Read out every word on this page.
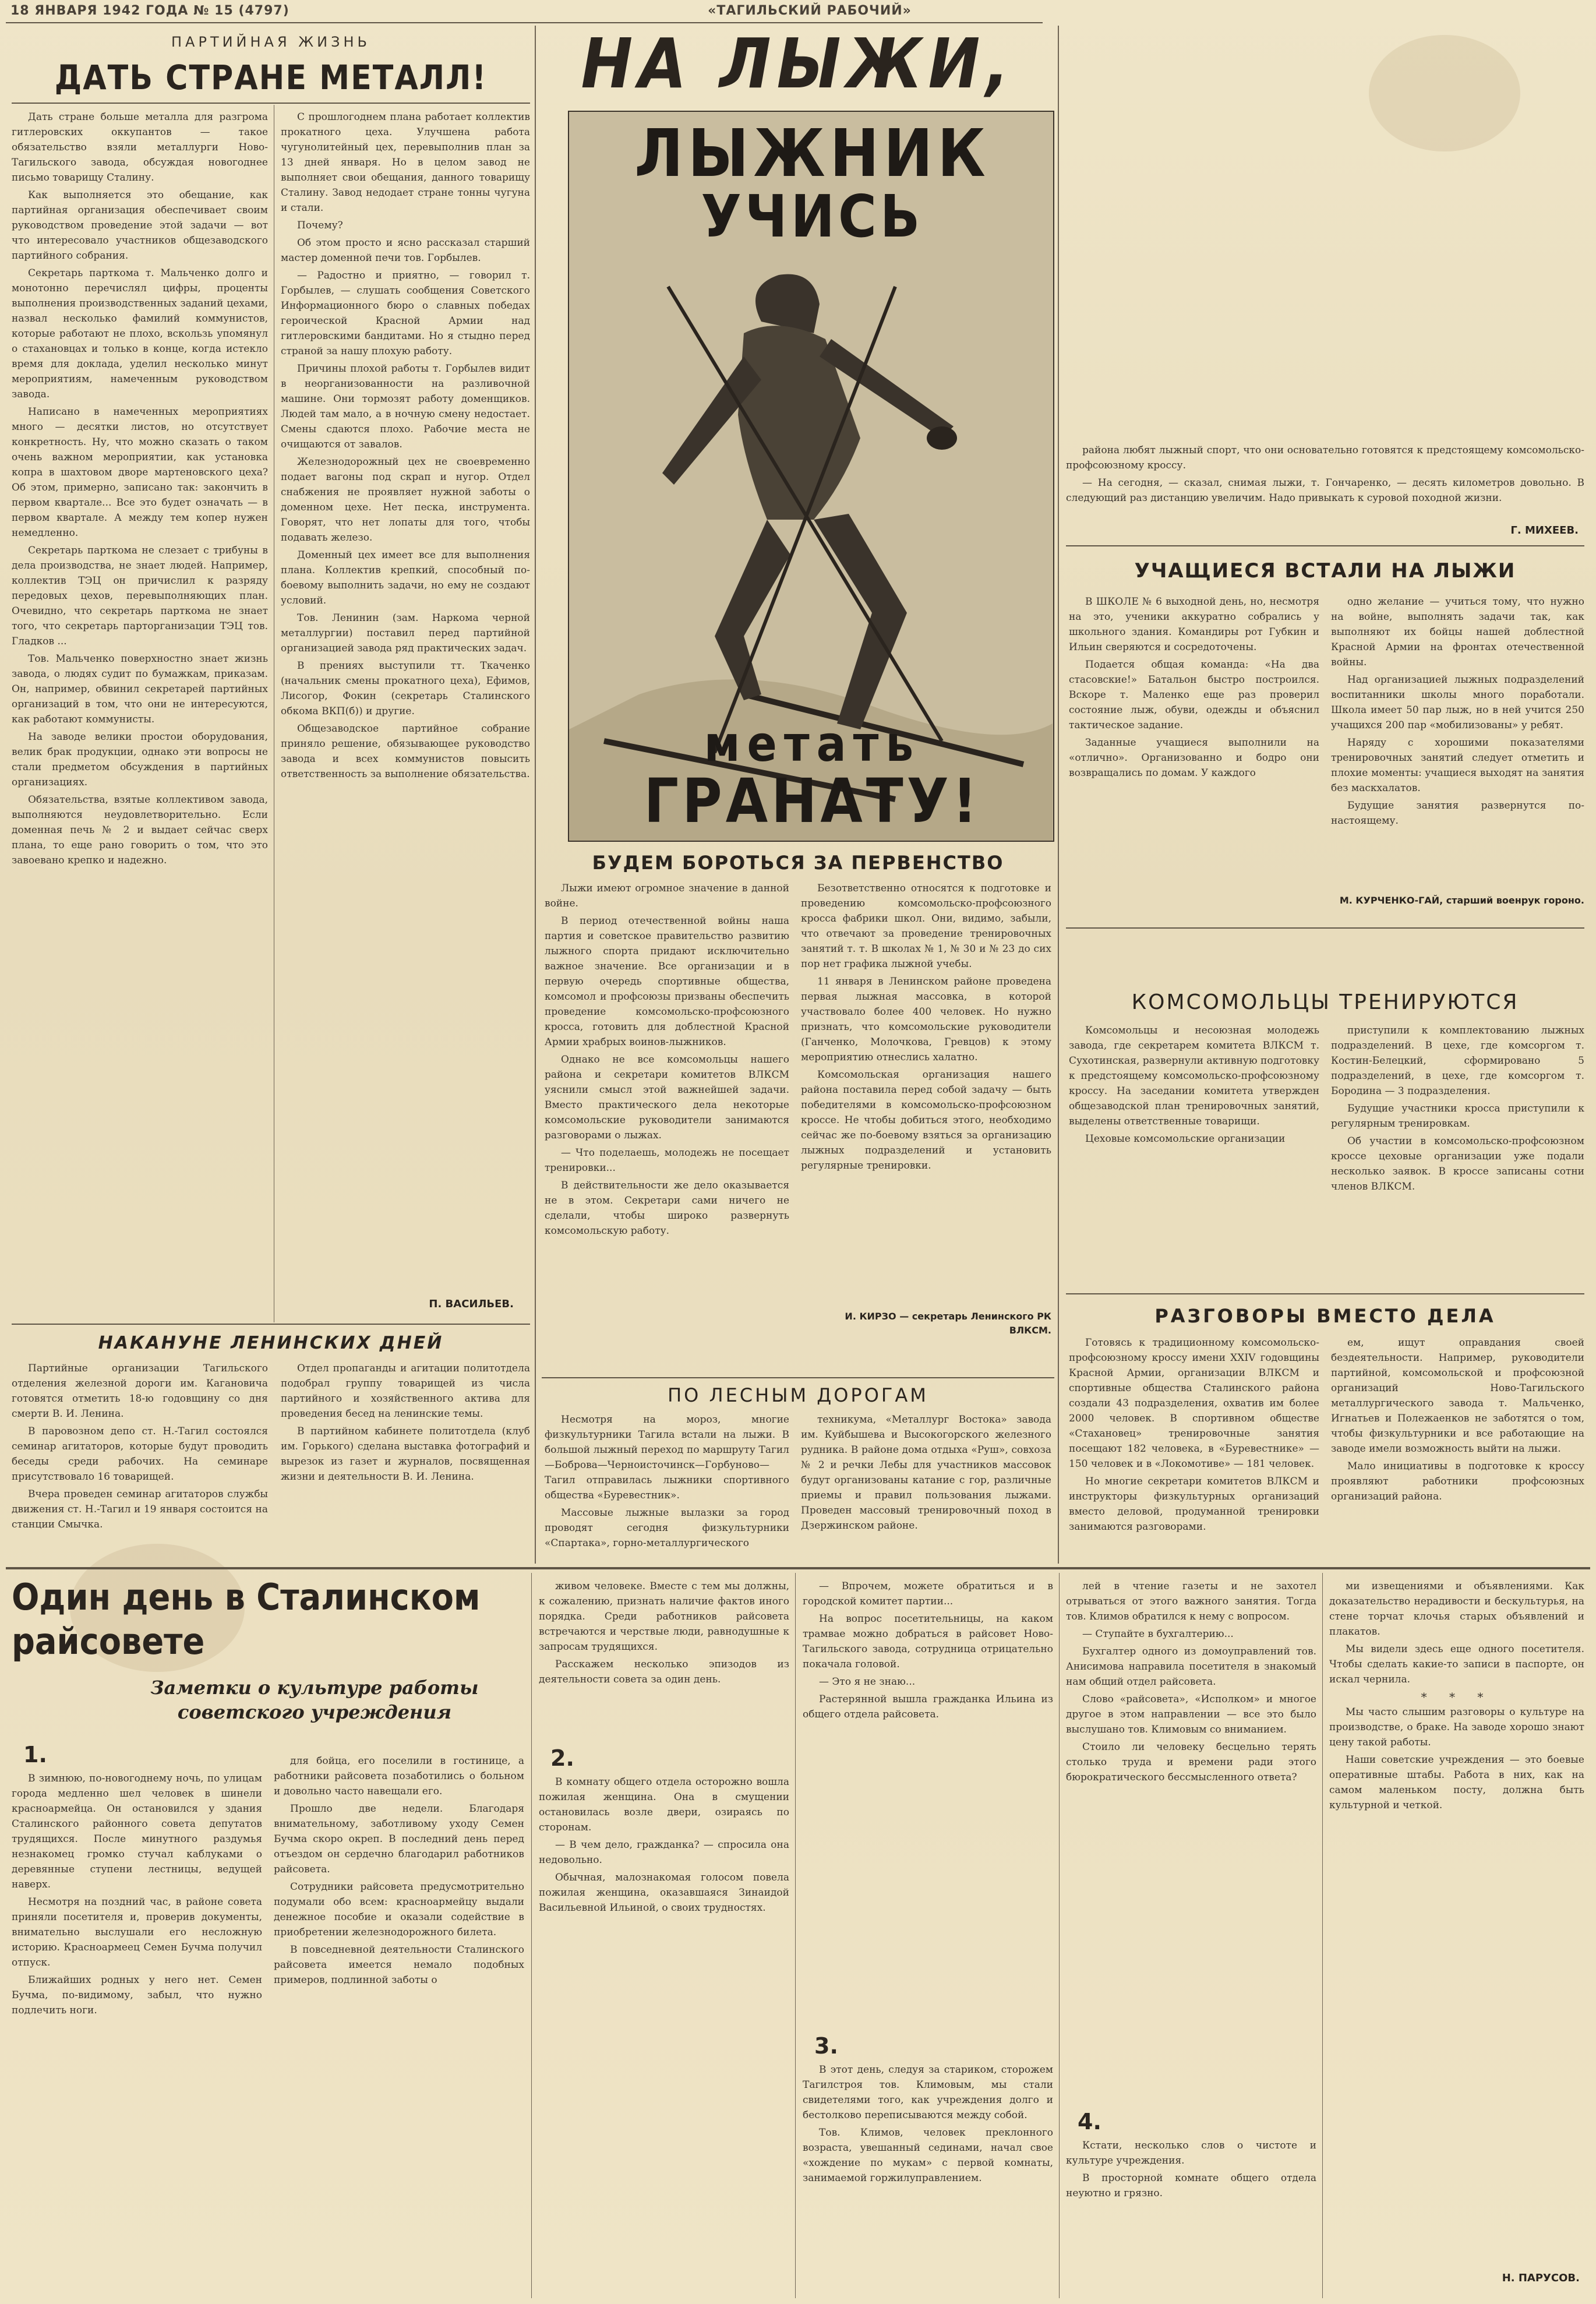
18 ЯНВАРЯ 1942 ГОДА № 15 (4797)	«ТАГИЛЬСКИЙ РАБОЧИЙ»
ПАРТИЙНАЯ ЖИЗНЬ
ДАТЬ СТРАНЕ МЕТАЛЛ!

Дать стране больше металла для разгрома гитлеровских оккупантов — такое обязательство взяли металлурги Ново-Тагильского завода, обсуждая новогоднее письмо товарищу Сталину.

Как выполняется это обещание, как партийная организация обеспечивает своим руководством проведение этой задачи — вот что интересовало участников общезаводского партийного собрания.

Секретарь парткома т. Мальченко долго и монотонно перечислял цифры, проценты выполнения производственных заданий цехами, назвал несколько фамилий коммунистов, которые работают не плохо, вскользь упомянул о стахановцах и только в конце, когда истекло время для доклада, уделил несколько минут мероприятиям, намеченным руководством завода.

Написано в намеченных мероприятиях много — десятки листов, но отсутствует конкретность. Ну, что можно сказать о таком очень важном мероприятии, как установка копра в шахтовом дворе мартеновского цеха? Об этом, примерно, записано так: закончить в первом квартале... Все это будет означать — в первом квартале. А между тем копер нужен немедленно.

Секретарь парткома не слезает с трибуны в дела производства, не знает людей. Например, коллектив ТЭЦ он причислил к разряду передовых цехов, перевыполняющих план. Очевидно, что секретарь парткома не знает того, что секретарь парторганизации ТЭЦ тов. Гладков ...

Тов. Мальченко поверхностно знает жизнь завода, о людях судит по бумажкам, приказам. Он, например, обвинил секретарей партийных организаций в том, что они не интересуются, как работают коммунисты.

На заводе велики простои оборудования, велик брак продукции, однако эти вопросы не стали предметом обсуждения в партийных организациях.

Обязательства, взятые коллективом завода, выполняются неудовлетворительно. Если доменная печь № 2 и выдает сейчас сверх плана, то еще рано говорить о том, что это завоевано крепко и надежно.

С прошлогоднем плана работает коллектив прокатного цеха. Улучшена работа чугунолитейный цех, перевыполнив план за 13 дней января. Но в целом завод не выполняет свои обещания, данного товарищу Сталину. Завод недодает стране тонны чугуна и стали.

Почему?

Об этом просто и ясно рассказал старший мастер доменной печи тов. Горбылев.

— Радостно и приятно, — говорил т. Горбылев, — слушать сообщения Советского Информационного бюро о славных победах героической Красной Армии над гитлеровскими бандитами. Но я стыдно перед страной за нашу плохую работу.

Причины плохой работы т. Горбылев видит в неорганизованности на разливочной машине. Они тормозят работу доменщиков. Людей там мало, а в ночную смену недостает. Смены сдаются плохо. Рабочие места не очищаются от завалов.

Железнодорожный цех не своевременно подает вагоны под скрап и нугор. Отдел снабжения не проявляет нужной заботы о доменном цехе. Нет песка, инструмента. Говорят, что нет лопаты для того, чтобы подавать железо.

Доменный цех имеет все для выполнения плана. Коллектив крепкий, способный по-боевому выполнить задачи, но ему не создают условий.

Тов. Ленинин (зам. Наркома черной металлургии) поставил перед партийной организацией завода ряд практических задач.

В прениях выступили тт. Ткаченко (начальник смены прокатного цеха), Ефимов, Лисогор, Фокин (секретарь Сталинского обкома ВКП(б)) и другие.

Общезаводское партийное собрание приняло решение, обязывающее руководство завода и всех коммунистов повысить ответственность за выполнение обязательства.

П. ВАСИЛЬЕВ.
НАКАНУНЕ ЛЕНИНСКИХ ДНЕЙ

Партийные организации Тагильского отделения железной дороги им. Кагановича готовятся отметить 18-ю годовщину со дня смерти В. И. Ленина.

В паровозном депо ст. Н.-Тагил состоялся семинар агитаторов, которые будут проводить беседы среди рабочих. На семинаре присутствовало 16 товарищей.

Вчера проведен семинар агитаторов службы движения ст. Н.-Тагил и 19 января состоится на станции Смычка.

Отдел пропаганды и агитации политотдела подобрал группу товарищей из числа партийного и хозяйственного актива для проведения бесед на ленинские темы.

В партийном кабинете политотдела (клуб им. Горького) сделана выставка фотографий и вырезок из газет и журналов, посвященная жизни и деятельности В. И. Ленина.

НА ЛЫЖИ,
ЛЫЖНИК
УЧИСЬ
метать
ГРАНАТУ!
БУДЕМ БОРОТЬСЯ ЗА ПЕРВЕНСТВО

Лыжи имеют огромное значение в данной войне.

В период отечественной войны наша партия и советское правительство развитию лыжного спорта придают исключительно важное значение. Все организации и в первую очередь спортивные общества, комсомол и профсоюзы призваны обеспечить проведение комсомольско-профсоюзного кросса, готовить для доблестной Красной Армии храбрых воинов-лыжников.

Однако не все комсомольцы нашего района и секретари комитетов ВЛКСМ уяснили смысл этой важнейшей задачи. Вместо практического дела некоторые комсомольские руководители занимаются разговорами о лыжах.

— Что поделаешь, молодежь не посещает тренировки...

В действительности же дело оказывается не в этом. Секретари сами ничего не сделали, чтобы широко развернуть комсомольскую работу.

Безответственно относятся к подготовке и проведению комсомольско-профсоюзного кросса фабрики школ. Они, видимо, забыли, что отвечают за проведение тренировочных занятий т. т. В школах № 1, № 30 и № 23 до сих пор нет графика лыжной учебы.

11 января в Ленинском районе проведена первая лыжная массовка, в которой участвовало более 400 человек. Но нужно признать, что комсомольские руководители (Ганченко, Молочкова, Гревцов) к этому мероприятию отнеслись халатно.

Комсомольская организация нашего района поставила перед собой задачу — быть победителями в комсомольско-профсоюзном кроссе. Не чтобы добиться этого, необходимо сейчас же по-боевому взяться за организацию лыжных подразделений и установить регулярные тренировки.

И. КИРЗО — секретарь Ленинского РК ВЛКСМ.
ПО ЛЕСНЫМ ДОРОГАМ

Несмотря на мороз, многие физкультурники Тагила встали на лыжи. В большой лыжный переход по маршруту Тагил—Боброва—Черноисточинск—Горбуново—Тагил отправилась лыжники спортивного общества «Буревестник».

Массовые лыжные вылазки за город проводят сегодня физкультурники «Спартака», горно-металлургического

техникума, «Металлург Востока» завода им. Куйбышева и Высокогорского железного рудника. В районе дома отдыха «Руш», совхоза № 2 и речки Лебы для участников массовок будут организованы катание с гор, различные приемы и правил пользования лыжами. Проведен массовый тренировочный поход в Дзержинском районе.

района любят лыжный спорт, что они основательно готовятся к предстоящему комсомольско-профсоюзному кроссу.

— На сегодня, — сказал, снимая лыжи, т. Гончаренко, — десять километров довольно. В следующий раз дистанцию увеличим. Надо привыкать к суровой походной жизни.

Г. МИХЕЕВ.
УЧАЩИЕСЯ ВСТАЛИ НА ЛЫЖИ

В ШКОЛЕ № 6 выходной день, но, несмотря на это, ученики аккуратно собрались у школьного здания. Командиры рот Губкин и Ильин сверяются и сосредоточены.

Подается общая команда: «На два стасовские!» Батальон быстро построился. Вскоре т. Маленко еще раз проверил состояние лыж, обуви, одежды и объяснил тактическое задание.

Заданные учащиеся выполнили на «отлично». Организованно и бодро они возвращались по домам. У каждого

одно желание — учиться тому, что нужно на войне, выполнять задачи так, как выполняют их бойцы нашей доблестной Красной Армии на фронтах отечественной войны.

Над организацией лыжных подразделений воспитанники школы много поработали. Школа имеет 50 пар лыж, но в ней учится 250 учащихся 200 пар «мобилизованы» у ребят.

Наряду с хорошими показателями тренировочных занятий следует отметить и плохие моменты: учащиеся выходят на занятия без маскхалатов.

Будущие занятия развернутся по-настоящему.

М. КУРЧЕНКО-ГАЙ, старший военрук гороно.
КОМСОМОЛЬЦЫ ТРЕНИРУЮТСЯ

Комсомольцы и несоюзная молодежь завода, где секретарем комитета ВЛКСМ т. Сухотинская, развернули активную подготовку к предстоящему комсомольско-профсоюзному кроссу. На заседании комитета утвержден общезаводской план тренировочных занятий, выделены ответственные товарищи.

Цеховые комсомольские организации

приступили к комплектованию лыжных подразделений. В цехе, где комсоргом т. Костин-Белецкий, сформировано 5 подразделений, в цехе, где комсоргом т. Бородина — 3 подразделения.

Будущие участники кросса приступили к регулярным тренировкам.

Об участии в комсомольско-профсоюзном кроссе цеховые организации уже подали несколько заявок. В кроссе записаны сотни членов ВЛКСМ.

РАЗГОВОРЫ ВМЕСТО ДЕЛА

Готовясь к традиционному комсомольско-профсоюзному кроссу имени XXIV годовщины Красной Армии, организации ВЛКСМ и спортивные общества Сталинского района создали 43 подразделения, охватив им более 2000 человек. В спортивном обществе «Стахановец» тренировочные занятия посещают 182 человека, в «Буревестнике» — 150 человек и в «Локомотиве» — 181 человек.

Но многие секретари комитетов ВЛКСМ и инструкторы физкультурных организаций вместо деловой, продуманной тренировки занимаются разговорами.

ем, ищут оправдания своей бездеятельности. Например, руководители партийной, комсомольской и профсоюзной организаций Ново-Тагильского металлургического завода т. Мальченко, Игнатьев и Полежаенков не заботятся о том, чтобы физкультурники и все работающие на заводе имели возможность выйти на лыжи.

Мало инициативы в подготовке к кроссу проявляют работники профсоюзных организаций района.

Один день в Сталинском райсовете
Заметки о культуре работы советского учреждения
1.

В зимнюю, по-новогоднему ночь, по улицам города медленно шел человек в шинели красноармейца. Он остановился у здания Сталинского районного совета депутатов трудящихся. После минутного раздумья незнакомец громко стучал каблуками о деревянные ступени лестницы, ведущей наверх.

Несмотря на поздний час, в районе совета приняли посетителя и, проверив документы, внимательно выслушали его несложную историю. Красноармеец Семен Бучма получил отпуск.

Ближайших родных у него нет. Семен Бучма, по-видимому, забыл, что нужно подлечить ноги.

для бойца, его поселили в гостинице, а работники райсовета позаботились о больном и довольно часто навещали его.

Прошло две недели. Благодаря внимательному, заботливому уходу Семен Бучма скоро окреп. В последний день перед отъездом он сердечно благодарил работников райсовета.

Сотрудники райсовета предусмотрительно подумали обо всем: красноармейцу выдали денежное пособие и оказали содействие в приобретении железнодорожного билета.

В повседневной деятельности Сталинского райсовета имеется немало подобных примеров, подлинной заботы о

живом человеке. Вместе с тем мы должны, к сожалению, признать наличие фактов иного порядка. Среди работников райсовета встречаются и черствые люди, равнодушные к запросам трудящихся.

Расскажем несколько эпизодов из деятельности совета за один день.

2.

В комнату общего отдела осторожно вошла пожилая женщина. Она в смущении остановилась возле двери, озираясь по сторонам.

— В чем дело, гражданка? — спросила она недовольно.

Обычная, малознакомая голосом повела пожилая женщина, оказавшаяся Зинаидой Васильевной Ильиной, о своих трудностях.

— Впрочем, можете обратиться и в городской комитет партии...

На вопрос посетительницы, на каком трамвае можно добраться в райсовет Ново-Тагильского завода, сотрудница отрицательно покачала головой.

— Это я не знаю...

Растерянной вышла гражданка Ильина из общего отдела райсовета.

3.

В этот день, следуя за стариком, сторожем Тагилстроя тов. Климовым, мы стали свидетелями того, как учреждения долго и бестолково переписываются между собой.

Тов. Климов, человек преклонного возраста, увешанный сединами, начал свое «хождение по мукам» с первой комнаты, занимаемой горжилуправлением.

лей в чтение газеты и не захотел отрываться от этого важного занятия. Тогда тов. Климов обратился к нему с вопросом.

— Ступайте в бухгалтерию...

Бухгалтер одного из домоуправлений тов. Анисимова направила посетителя в знакомый нам общий отдел райсовета.

Слово «райсовета», «Исполком» и многое другое в этом направлении — все это было выслушано тов. Климовым со вниманием.

Стоило ли человеку бесцельно терять столько труда и времени ради этого бюрократического бессмысленного ответа?

4.

Кстати, несколько слов о чистоте и культуре учреждения.

В просторной комнате общего отдела неуютно и грязно.

ми извещениями и объявлениями. Как доказательство нерадивости и бескультурья, на стене торчат клочья старых объявлений и плакатов.

Мы видели здесь еще одного посетителя. Чтобы сделать какие-то записи в паспорте, он искал чернила.

* * *

Мы часто слышим разговоры о культуре на производстве, о браке. На заводе хорошо знают цену такой работы.

Наши советские учреждения — это боевые оперативные штабы. Работа в них, как на самом маленьком посту, должна быть культурной и четкой.

Н. ПАРУСОВ.
